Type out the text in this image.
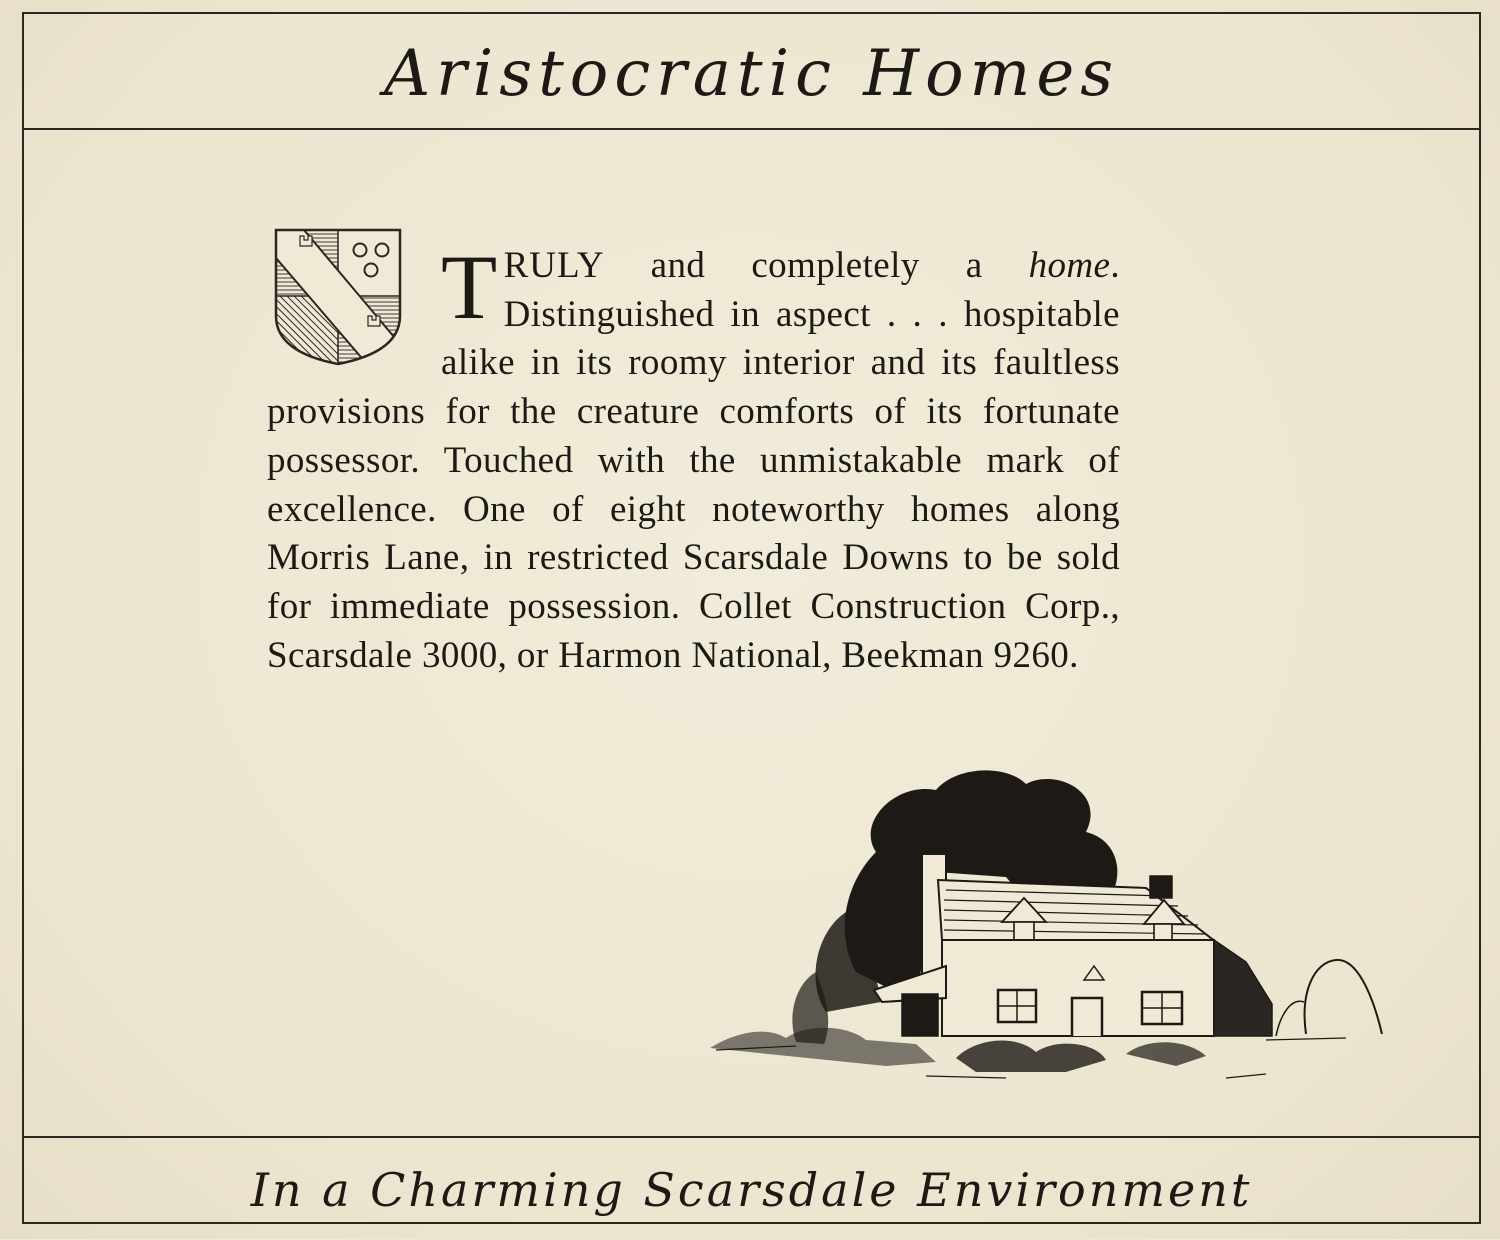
Aristocratic Homes

TRULY and completely a home. Distinguished in aspect . . . hospitable alike in its roomy interior and its faultless provisions for the creature comforts of its fortunate possessor. Touched with the unmistakable mark of excellence. One of eight noteworthy homes along Morris Lane, in restricted Scarsdale Downs to be sold for immediate possession. Collet Construction Corp., Scarsdale 3000, or Harmon National, Beekman 9260.

In a Charming Scarsdale Environment
